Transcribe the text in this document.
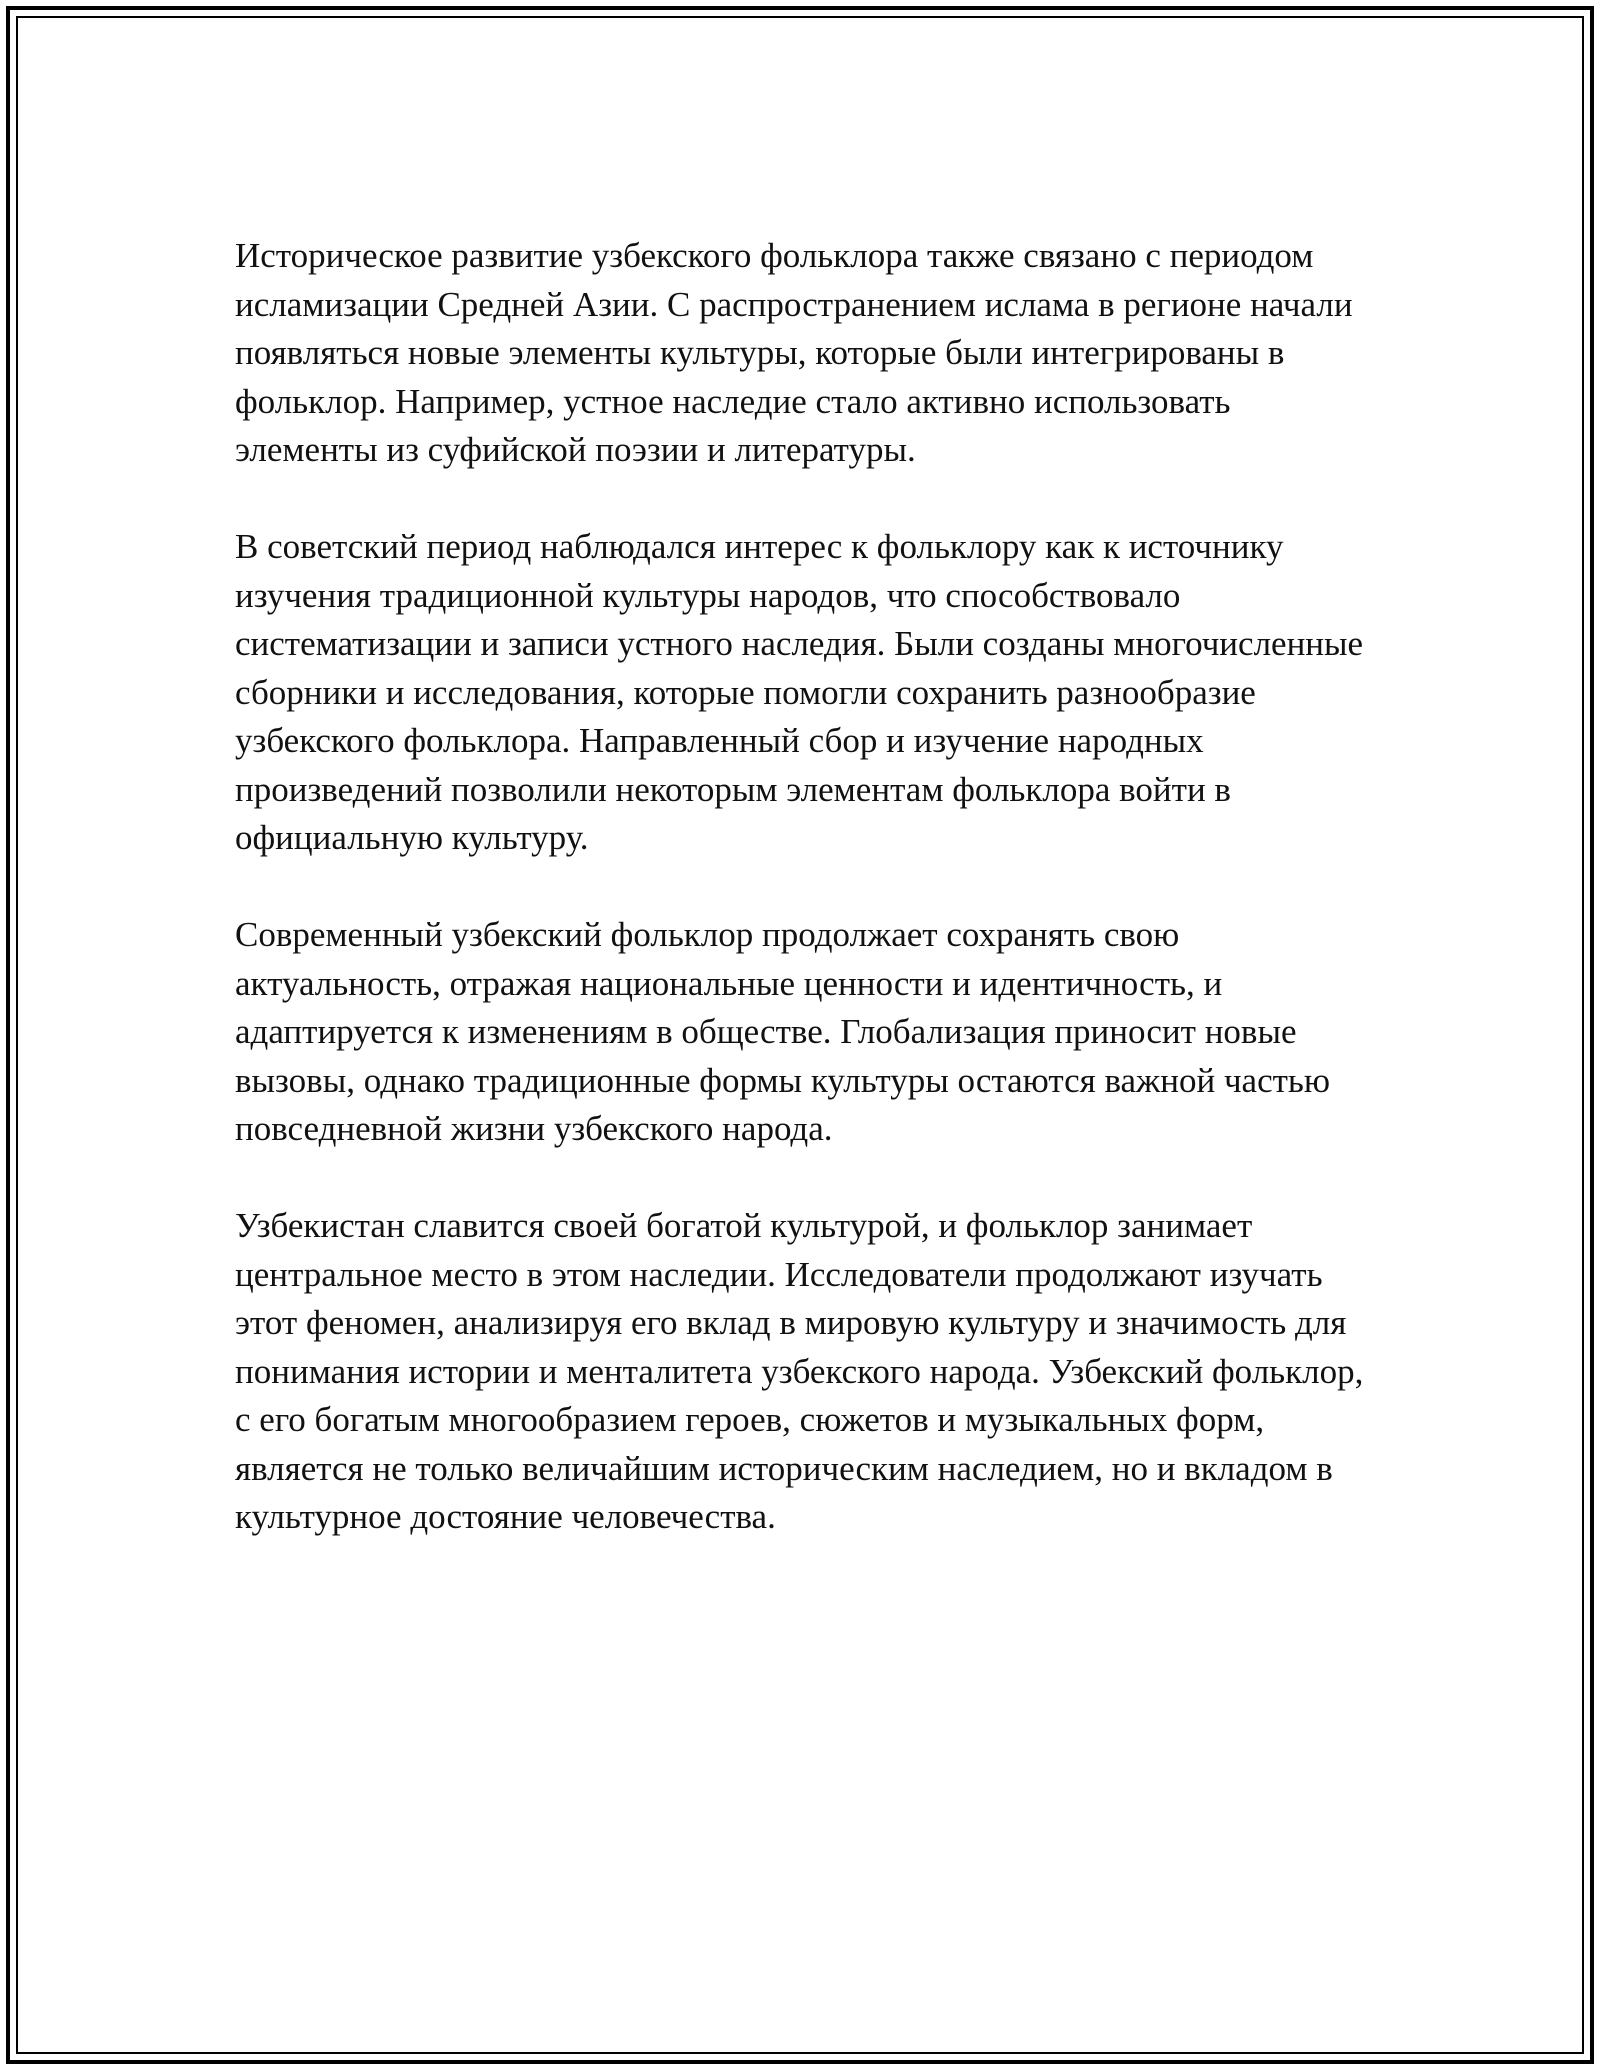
Историческое развитие узбекского фольклора также связано с периодом исламизации Средней Азии. С распространением ислама в регионе начали появляться новые элементы культуры, которые были интегрированы в фольклор. Например, устное наследие стало активно использовать элементы из суфийской поэзии и литературы.

В советский период наблюдался интерес к фольклору как к источнику изучения традиционной культуры народов, что способствовало систематизации и записи устного наследия. Были созданы многочисленные сборники и исследования, которые помогли сохранить разнообразие узбекского фольклора. Направленный сбор и изучение народных произведений позволили некоторым элементам фольклора войти в официальную культуру.

Современный узбекский фольклор продолжает сохранять свою актуальность, отражая национальные ценности и идентичность, и адаптируется к изменениям в обществе. Глобализация приносит новые вызовы, однако традиционные формы культуры остаются важной частью повседневной жизни узбекского народа.

Узбекистан славится своей богатой культурой, и фольклор занимает центральное место в этом наследии. Исследователи продолжают изучать этот феномен, анализируя его вклад в мировую культуру и значимость для понимания истории и менталитета узбекского народа. Узбекский фольклор, с его богатым многообразием героев, сюжетов и музыкальных форм, является не только величайшим историческим наследием, но и вкладом в культурное достояние человечества.
